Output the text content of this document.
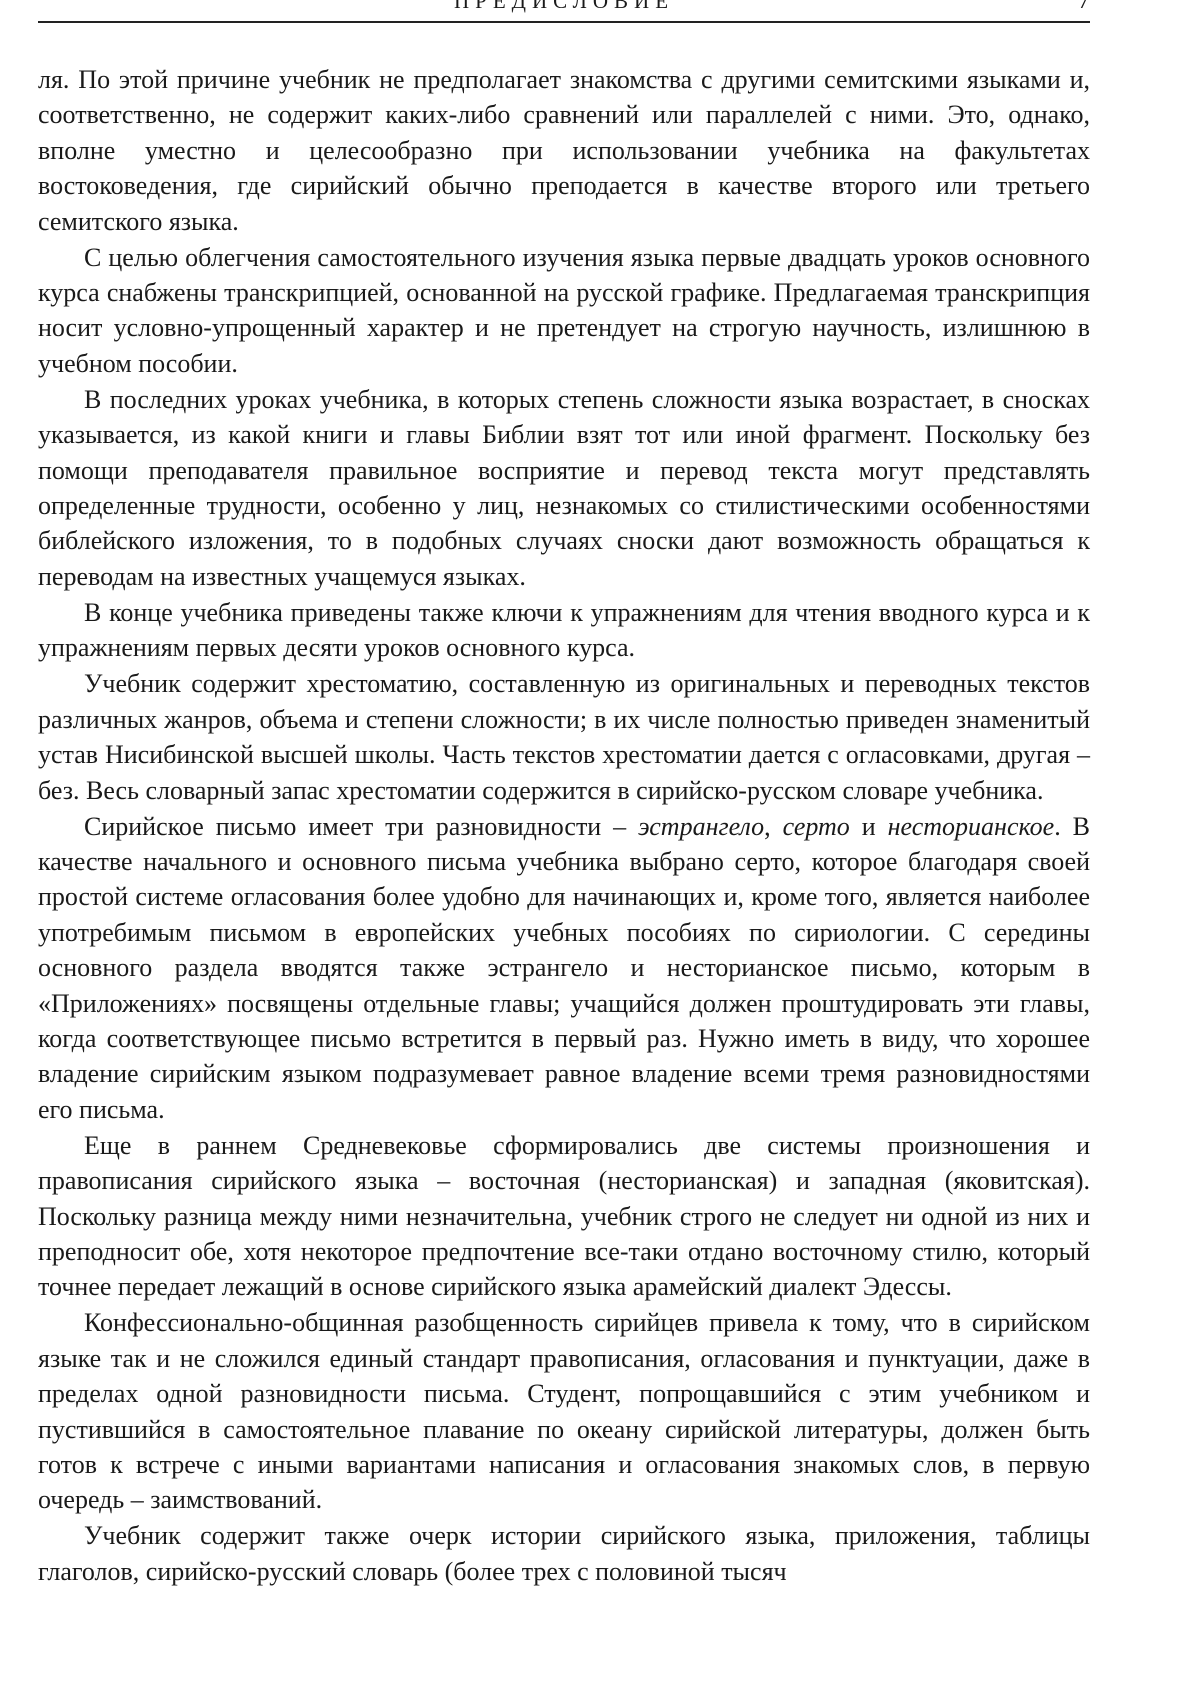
ПРЕДИСЛОВИЕ	7

ля. По этой причине учебник не предполагает знакомства с другими семитскими языками и, соответственно, не содержит каких-либо сравнений или параллелей с ними. Это, однако, вполне уместно и целесообразно при использовании учебника на факультетах востоковедения, где сирийский обычно преподается в качестве второго или третьего семитского языка.

С целью облегчения самостоятельного изучения языка первые двадцать уроков основного курса снабжены транскрипцией, основанной на русской графике. Предлагаемая транскрипция носит условно-упрощенный характер и не претендует на строгую научность, излишнюю в учебном пособии.

В последних уроках учебника, в которых степень сложности языка возрастает, в сносках указывается, из какой книги и главы Библии взят тот или иной фрагмент. Поскольку без помощи преподавателя правильное восприятие и перевод текста могут представлять определенные трудности, особенно у лиц, незнакомых со стилистическими особенностями библейского изложения, то в подобных случаях сноски дают возможность обращаться к переводам на известных учащемуся языках.

В конце учебника приведены также ключи к упражнениям для чтения вводного курса и к упражнениям первых десяти уроков основного курса.

Учебник содержит хрестоматию, составленную из оригинальных и переводных текстов различных жанров, объема и степени сложности; в их числе полностью приведен знаменитый устав Нисибинской высшей школы. Часть текстов хрестоматии дается с огласовками, другая – без. Весь словарный запас хрестоматии содержится в сирийско-русском словаре учебника.

Сирийское письмо имеет три разновидности – эстрангело, серто и несторианское. В качестве начального и основного письма учебника выбрано серто, которое благодаря своей простой системе огласования более удобно для начинающих и, кроме того, является наиболее употребимым письмом в европейских учебных пособиях по сириологии. С середины основного раздела вводятся также эстрангело и несторианское письмо, которым в «Приложениях» посвящены отдельные главы; учащийся должен проштудировать эти главы, когда соответствующее письмо встретится в первый раз. Нужно иметь в виду, что хорошее владение сирийским языком подразумевает равное владение всеми тремя разновидностями его письма.

Еще в раннем Средневековье сформировались две системы произношения и правописания сирийского языка – восточная (несторианская) и западная (яковитская). Поскольку разница между ними незначительна, учебник строго не следует ни одной из них и преподносит обе, хотя некоторое предпочтение все-таки отдано восточному стилю, который точнее передает лежащий в основе сирийского языка арамейский диалект Эдессы.

Конфессионально-общинная разобщенность сирийцев привела к тому, что в сирийском языке так и не сложился единый стандарт правописания, огласования и пунктуации, даже в пределах одной разновидности письма. Студент, попрощавшийся с этим учебником и пустившийся в самостоятельное плавание по океану сирийской литературы, должен быть готов к встрече с иными вариантами написания и огласования знакомых слов, в первую очередь – заимствований.

Учебник содержит также очерк истории сирийского языка, приложения, таблицы глаголов, сирийско-русский словарь (более трех с половиной тысяч
